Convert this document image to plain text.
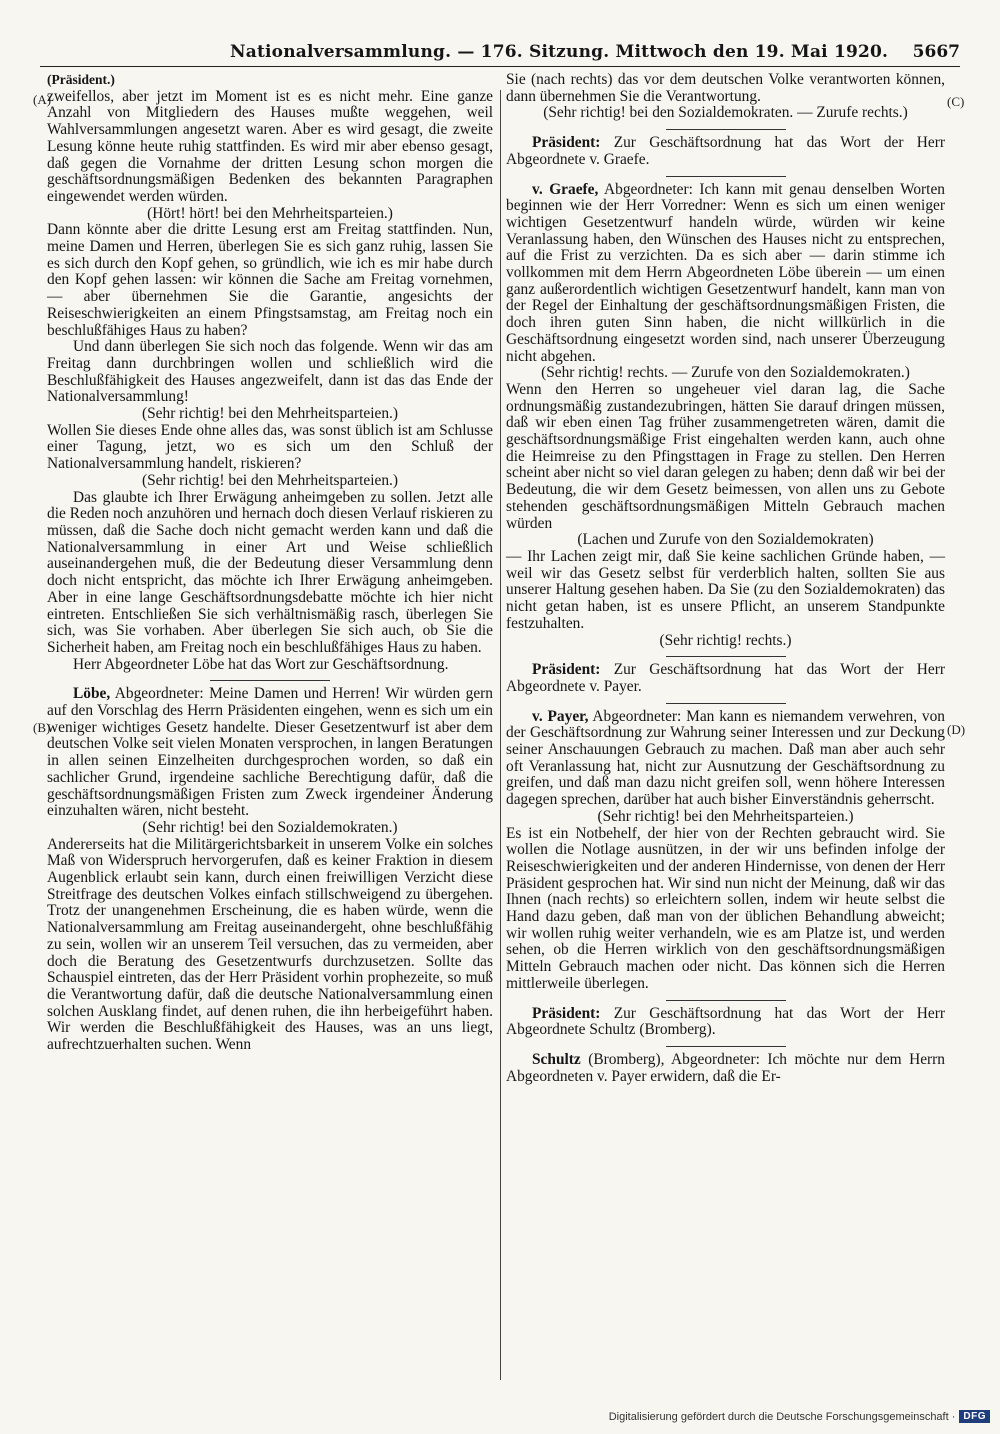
Nationalversammlung. — 176. Sitzung. Mittwoch den 19. Mai 1920. 5667
(A)
(B)
(C)
(D)

(Präsident.)

zweifellos, aber jetzt im Moment ist es es nicht mehr. Eine ganze Anzahl von Mitgliedern des Hauses mußte weggehen, weil Wahlversammlungen angesetzt waren. Aber es wird gesagt, die zweite Lesung könne heute ruhig stattfinden. Es wird mir aber ebenso gesagt, daß gegen die Vornahme der dritten Lesung schon morgen die geschäftsordnungsmäßigen Bedenken des bekannten Paragraphen eingewendet werden würden.

(Hört! hört! bei den Mehrheitsparteien.)

Dann könnte aber die dritte Lesung erst am Freitag stattfinden. Nun, meine Damen und Herren, überlegen Sie es sich ganz ruhig, lassen Sie es sich durch den Kopf gehen, so gründlich, wie ich es mir habe durch den Kopf gehen lassen: wir können die Sache am Freitag vornehmen, — aber übernehmen Sie die Garantie, angesichts der Reiseschwierigkeiten an einem Pfingstsamstag, am Freitag noch ein beschlußfähiges Haus zu haben?

Und dann überlegen Sie sich noch das folgende. Wenn wir das am Freitag dann durchbringen wollen und schließlich wird die Beschlußfähigkeit des Hauses angezweifelt, dann ist das das Ende der Nationalversammlung!

(Sehr richtig! bei den Mehrheitsparteien.)

Wollen Sie dieses Ende ohne alles das, was sonst üblich ist am Schlusse einer Tagung, jetzt, wo es sich um den Schluß der Nationalversammlung handelt, riskieren?

(Sehr richtig! bei den Mehrheitsparteien.)

Das glaubte ich Ihrer Erwägung anheimgeben zu sollen. Jetzt alle die Reden noch anzuhören und hernach doch diesen Verlauf riskieren zu müssen, daß die Sache doch nicht gemacht werden kann und daß die Nationalversammlung in einer Art und Weise schließlich auseinandergehen muß, die der Bedeutung dieser Versammlung denn doch nicht entspricht, das möchte ich Ihrer Erwägung anheimgeben. Aber in eine lange Geschäftsordnungsdebatte möchte ich hier nicht eintreten. Entschließen Sie sich verhältnismäßig rasch, überlegen Sie sich, was Sie vorhaben. Aber überlegen Sie sich auch, ob Sie die Sicherheit haben, am Freitag noch ein beschlußfähiges Haus zu haben.

Herr Abgeordneter Löbe hat das Wort zur Geschäftsordnung.

Löbe, Abgeordneter: Meine Damen und Herren! Wir würden gern auf den Vorschlag des Herrn Präsidenten eingehen, wenn es sich um ein weniger wichtiges Gesetz handelte. Dieser Gesetzentwurf ist aber dem deutschen Volke seit vielen Monaten versprochen, in langen Beratungen in allen seinen Einzelheiten durchgesprochen worden, so daß ein sachlicher Grund, irgendeine sachliche Berechtigung dafür, daß die geschäftsordnungsmäßigen Fristen zum Zweck irgendeiner Änderung einzuhalten wären, nicht besteht.

(Sehr richtig! bei den Sozialdemokraten.)

Andererseits hat die Militärgerichtsbarkeit in unserem Volke ein solches Maß von Widerspruch hervorgerufen, daß es keiner Fraktion in diesem Augenblick erlaubt sein kann, durch einen freiwilligen Verzicht diese Streitfrage des deutschen Volkes einfach stillschweigend zu übergehen. Trotz der unangenehmen Erscheinung, die es haben würde, wenn die Nationalversammlung am Freitag auseinandergeht, ohne beschlußfähig zu sein, wollen wir an unserem Teil versuchen, das zu vermeiden, aber doch die Beratung des Gesetzentwurfs durchzusetzen. Sollte das Schauspiel eintreten, das der Herr Präsident vorhin prophezeite, so muß die Verantwortung dafür, daß die deutsche Nationalversammlung einen solchen Ausklang findet, auf denen ruhen, die ihn herbeigeführt haben. Wir werden die Beschlußfähigkeit des Hauses, was an uns liegt, aufrechtzuerhalten suchen. Wenn

Sie (nach rechts) das vor dem deutschen Volke verantworten können, dann übernehmen Sie die Verantwortung.

(Sehr richtig! bei den Sozialdemokraten. — Zurufe rechts.)

Präsident: Zur Geschäftsordnung hat das Wort der Herr Abgeordnete v. Graefe.

v. Graefe, Abgeordneter: Ich kann mit genau denselben Worten beginnen wie der Herr Vorredner: Wenn es sich um einen weniger wichtigen Gesetzentwurf handeln würde, würden wir keine Veranlassung haben, den Wünschen des Hauses nicht zu entsprechen, auf die Frist zu verzichten. Da es sich aber — darin stimme ich vollkommen mit dem Herrn Abgeordneten Löbe überein — um einen ganz außerordentlich wichtigen Gesetzentwurf handelt, kann man von der Regel der Einhaltung der geschäftsordnungsmäßigen Fristen, die doch ihren guten Sinn haben, die nicht willkürlich in die Geschäftsordnung eingesetzt worden sind, nach unserer Überzeugung nicht abgehen.

(Sehr richtig! rechts. — Zurufe von den Sozialdemokraten.)

Wenn den Herren so ungeheuer viel daran lag, die Sache ordnungsmäßig zustandezubringen, hätten Sie darauf dringen müssen, daß wir eben einen Tag früher zusammengetreten wären, damit die geschäftsordnungsmäßige Frist eingehalten werden kann, auch ohne die Heimreise zu den Pfingsttagen in Frage zu stellen. Den Herren scheint aber nicht so viel daran gelegen zu haben; denn daß wir bei der Bedeutung, die wir dem Gesetz beimessen, von allen uns zu Gebote stehenden geschäftsordnungsmäßigen Mitteln Gebrauch machen würden

(Lachen und Zurufe von den Sozialdemokraten)

— Ihr Lachen zeigt mir, daß Sie keine sachlichen Gründe haben, — weil wir das Gesetz selbst für verderblich halten, sollten Sie aus unserer Haltung gesehen haben. Da Sie (zu den Sozialdemokraten) das nicht getan haben, ist es unsere Pflicht, an unserem Standpunkte festzuhalten.

(Sehr richtig! rechts.)

Präsident: Zur Geschäftsordnung hat das Wort der Herr Abgeordnete v. Payer.

v. Payer, Abgeordneter: Man kann es niemandem verwehren, von der Geschäftsordnung zur Wahrung seiner Interessen und zur Deckung seiner Anschauungen Gebrauch zu machen. Daß man aber auch sehr oft Veranlassung hat, nicht zur Ausnutzung der Geschäftsordnung zu greifen, und daß man dazu nicht greifen soll, wenn höhere Interessen dagegen sprechen, darüber hat auch bisher Einverständnis geherrscht.

(Sehr richtig! bei den Mehrheitsparteien.)

Es ist ein Notbehelf, der hier von der Rechten gebraucht wird. Sie wollen die Notlage ausnützen, in der wir uns befinden infolge der Reiseschwierigkeiten und der anderen Hindernisse, von denen der Herr Präsident gesprochen hat. Wir sind nun nicht der Meinung, daß wir das Ihnen (nach rechts) so erleichtern sollen, indem wir heute selbst die Hand dazu geben, daß man von der üblichen Behandlung abweicht; wir wollen ruhig weiter verhandeln, wie es am Platze ist, und werden sehen, ob die Herren wirklich von den geschäftsordnungsmäßigen Mitteln Gebrauch machen oder nicht. Das können sich die Herren mittlerweile überlegen.

Präsident: Zur Geschäftsordnung hat das Wort der Herr Abgeordnete Schultz (Bromberg).

Schultz (Bromberg), Abgeordneter: Ich möchte nur dem Herrn Abgeordneten v. Payer erwidern, daß die Er-

Digitalisierung gefördert durch die Deutsche Forschungsgemeinschaft · DFG
